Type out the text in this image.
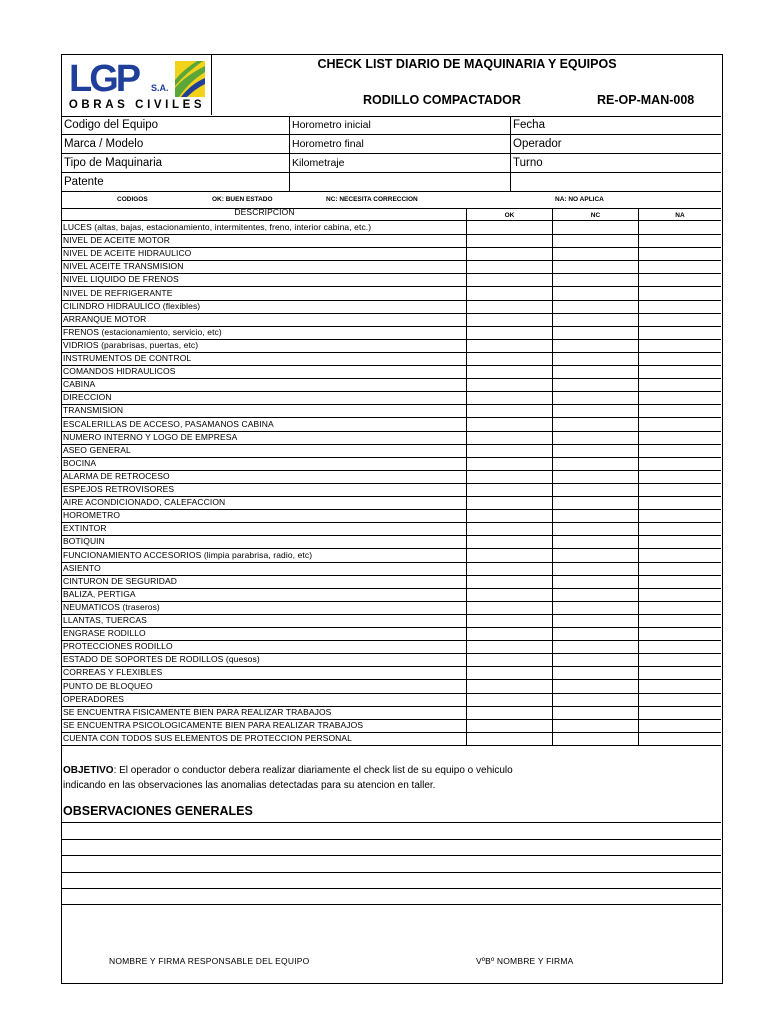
LGP S.A.
OBRAS CIVILES
CHECK LIST DIARIO DE MAQUINARIA Y EQUIPOS
RODILLO COMPACTADOR	RE-OP-MAN-008
Codigo del Equipo	Horometro inicial	Fecha
Marca / Modelo	Horometro final	Operador
Tipo de Maquinaria	Kilometraje	Turno
Patente
CODIGOS	OK: BUEN ESTADO	NC: NECESITA CORRECCION	NA: NO APLICA
DESCRIPCION	OK	NC	NA
LUCES (altas, bajas, estacionamiento, intermitentes, freno, interior cabina, etc.)
NIVEL DE ACEITE MOTOR
NIVEL DE ACEITE HIDRAULICO
NIVEL ACEITE TRANSMISION
NIVEL LIQUIDO DE FRENOS
NIVEL DE REFRIGERANTE
CILINDRO HIDRAULICO (flexibles)
ARRANQUE MOTOR
FRENOS (estacionamiento, servicio, etc)
VIDRIOS (parabrisas, puertas, etc)
INSTRUMENTOS DE CONTROL
COMANDOS HIDRAULICOS
CABINA
DIRECCION
TRANSMISION
ESCALERILLAS DE ACCESO, PASAMANOS CABINA
NUMERO INTERNO Y LOGO DE EMPRESA
ASEO GENERAL
BOCINA
ALARMA DE RETROCESO
ESPEJOS RETROVISORES
AIRE ACONDICIONADO, CALEFACCION
HOROMETRO
EXTINTOR
BOTIQUIN
FUNCIONAMIENTO ACCESORIOS (limpia parabrisa, radio, etc)
ASIENTO
CINTURON DE SEGURIDAD
BALIZA, PERTIGA
NEUMATICOS (traseros)
LLANTAS, TUERCAS
ENGRASE RODILLO
PROTECCIONES RODILLO
ESTADO DE SOPORTES DE RODILLOS (quesos)
CORREAS Y FLEXIBLES
PUNTO DE BLOQUEO
OPERADORES
SE ENCUENTRA FISICAMENTE BIEN PARA REALIZAR TRABAJOS
SE ENCUENTRA PSICOLOGICAMENTE BIEN PARA REALIZAR TRABAJOS
CUENTA CON TODOS SUS ELEMENTOS DE PROTECCION PERSONAL
OBJETIVO: El operador o conductor debera realizar diariamente el check list de su equipo o vehiculo
indicando en las observaciones las anomalias detectadas para su atencion en taller.
OBSERVACIONES GENERALES
NOMBRE Y FIRMA RESPONSABLE DEL EQUIPO	VºBº NOMBRE Y FIRMA
